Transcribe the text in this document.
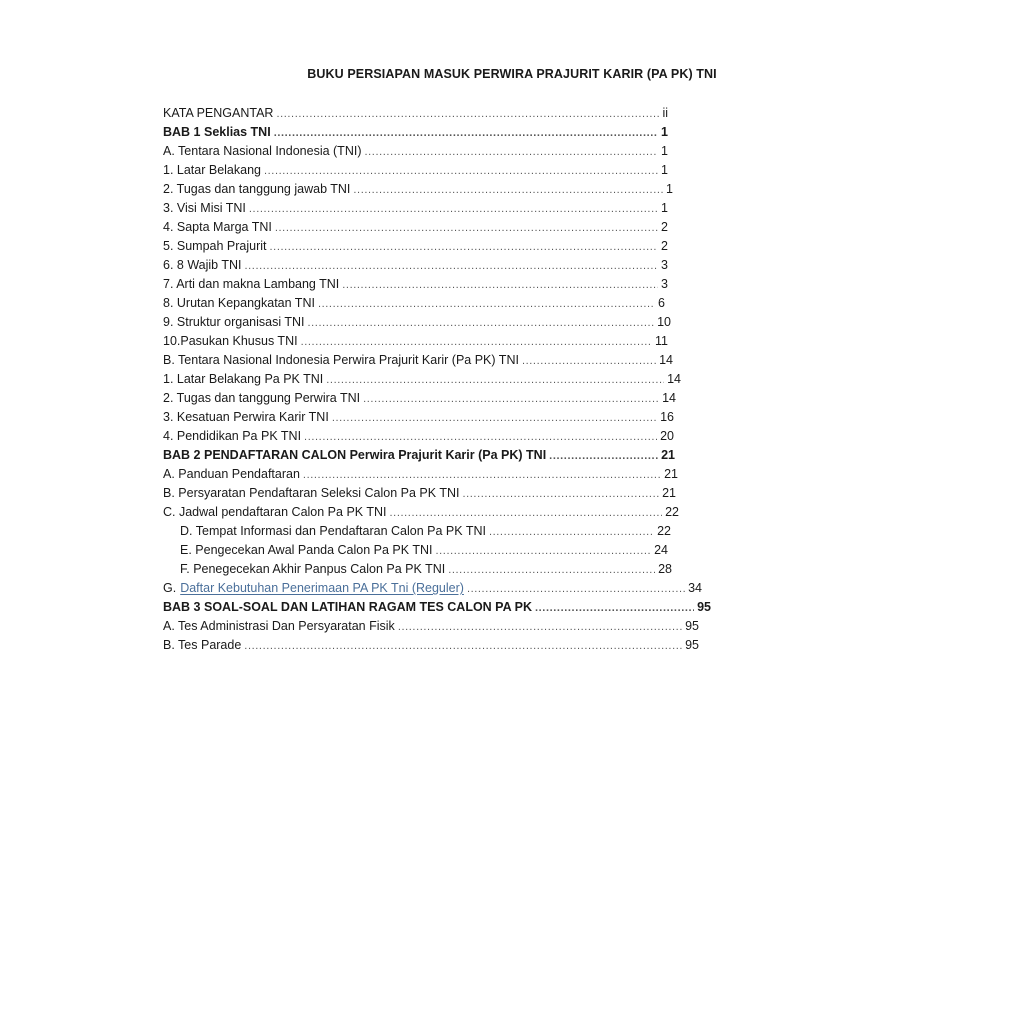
BUKU PERSIAPAN MASUK PERWIRA PRAJURIT KARIR (PA PK) TNI
KATA PENGANTAR .....	ii
BAB 1 Seklias TNI .....	1
A. Tentara Nasional Indonesia (TNI) .....	1
1. Latar Belakang .....	1
2. Tugas dan tanggung jawab TNI .....	1
3. Visi Misi TNI .....	1
4. Sapta Marga TNI .....	2
5. Sumpah Prajurit .....	2
6. 8 Wajib TNI .....	3
7. Arti dan makna Lambang TNI .....	3
8. Urutan Kepangkatan TNI .....	6
9. Struktur organisasi TNI .....	10
10.Pasukan Khusus TNI .....	11
B. Tentara Nasional Indonesia Perwira Prajurit Karir (Pa PK) TNI .....	14
1. Latar Belakang Pa PK TNI .....	14
2. Tugas dan tanggung Perwira TNI .....	14
3. Kesatuan Perwira Karir TNI .....	16
4. Pendidikan Pa PK TNI .....	20
BAB 2 PENDAFTARAN CALON Perwira Prajurit Karir (Pa PK) TNI .....	21
A. Panduan Pendaftaran .....	21
B. Persyaratan Pendaftaran Seleksi Calon Pa PK TNI .....	21
C. Jadwal pendaftaran Calon Pa PK TNI .....	22
D. Tempat Informasi dan Pendaftaran Calon Pa PK TNI .....	22
E. Pengecekan Awal Panda Calon Pa PK TNI .....	24
F. Penegecekan Akhir Panpus Calon Pa PK TNI .....	28
G. Daftar Kebutuhan Penerimaan PA PK Tni (Reguler) .....	34
BAB 3 SOAL-SOAL DAN LATIHAN RAGAM TES CALON PA PK .....	95
A. Tes Administrasi Dan Persyaratan Fisik .....	95
B. Tes Parade .....	95
